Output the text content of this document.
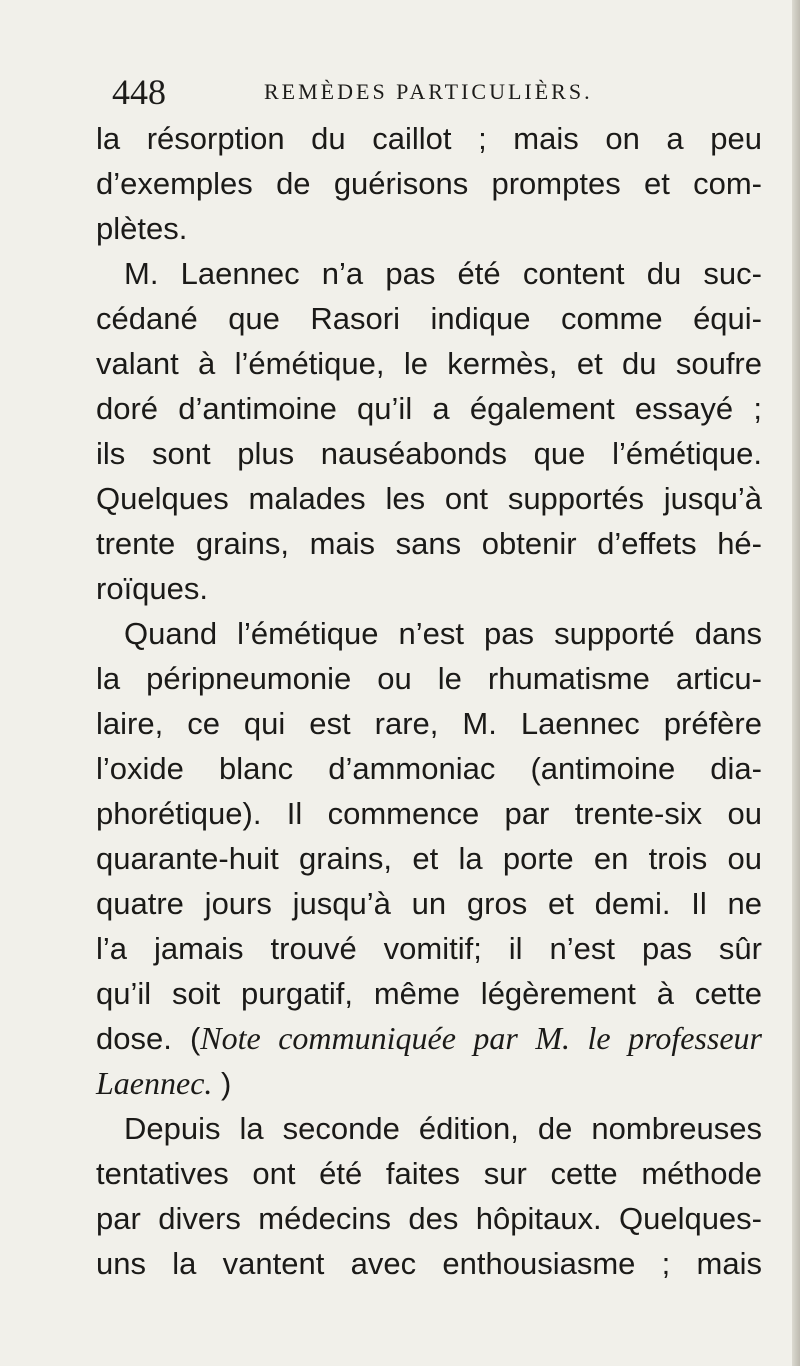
448	REMÈDES PARTICULIÈRS.
la résorption du caillot ; mais on a peu
d’exemples de guérisons promptes et com-
plètes.
M. Laennec n’a pas été content du suc-
cédané que Rasori indique comme équi-
valant à l’émétique, le kermès, et du soufre
doré d’antimoine qu’il a également essayé ;
ils sont plus nauséabonds que l’émétique.
Quelques malades les ont supportés jusqu’à
trente grains, mais sans obtenir d’effets hé-
roïques.
Quand l’émétique n’est pas supporté dans
la péripneumonie ou le rhumatisme articu-
laire, ce qui est rare, M. Laennec préfère
l’oxide blanc d’ammoniac (antimoine dia-
phorétique). Il commence par trente-six ou
quarante-huit grains, et la porte en trois ou
quatre jours jusqu’à un gros et demi. Il ne
l’a jamais trouvé vomitif; il n’est pas sûr
qu’il soit purgatif, même légèrement à cette
dose. (Note communiquée par M. le professeur
Laennec. )
Depuis la seconde édition, de nombreuses
tentatives ont été faites sur cette méthode
par divers médecins des hôpitaux. Quelques-
uns la vantent avec enthousiasme ; mais
